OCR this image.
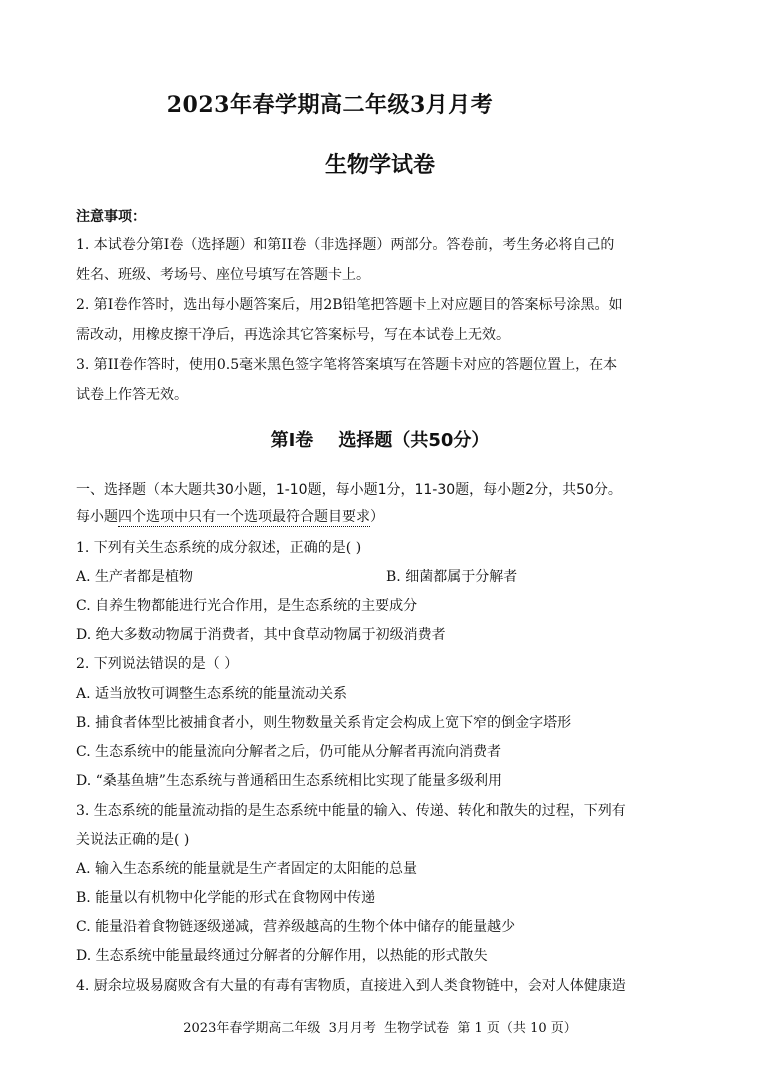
2023年春学期高二年级3月月考
生物学试卷
注意事项：
1. 本试卷分第Ⅰ卷（选择题）和第II卷（非选择题）两部分。答卷前，考生务必将自己的
姓名、班级、考场号、座位号填写在答题卡上。
2. 第Ⅰ卷作答时，选出每小题答案后，用2B铅笔把答题卡上对应题目的答案标号涂黑。如
需改动，用橡皮擦干净后，再选涂其它答案标号，写在本试卷上无效。
3. 第II卷作答时，使用0.5毫米黑色签字笔将答案填写在答题卡对应的答题位置上，在本
试卷上作答无效。
第Ⅰ卷    选择题（共50分）
一、选择题（本大题共30小题，1-10题，每小题1分，11-30题，每小题2分，共50分。
每小题四个选项中只有一个选项最符合题目要求）
1. 下列有关生态系统的成分叙述，正确的是( )
A. 生产者都是植物	B. 细菌都属于分解者
C. 自养生物都能进行光合作用，是生态系统的主要成分
D. 绝大多数动物属于消费者，其中食草动物属于初级消费者
2. 下列说法错误的是（ ）
A. 适当放牧可调整生态系统的能量流动关系
B. 捕食者体型比被捕食者小，则生物数量关系肯定会构成上宽下窄的倒金字塔形
C. 生态系统中的能量流向分解者之后，仍可能从分解者再流向消费者
D. “桑基鱼塘”生态系统与普通稻田生态系统相比实现了能量多级利用
3. 生态系统的能量流动指的是生态系统中能量的输入、传递、转化和散失的过程，下列有
关说法正确的是( )
A. 输入生态系统的能量就是生产者固定的太阳能的总量
B. 能量以有机物中化学能的形式在食物网中传递
C. 能量沿着食物链逐级递减，营养级越高的生物个体中储存的能量越少
D. 生态系统中能量最终通过分解者的分解作用，以热能的形式散失
4. 厨余垃圾易腐败含有大量的有毒有害物质，直接进入到人类食物链中，会对人体健康造
2023年春学期高二年级  3月月考  生物学试卷  第 1 页（共 10 页）
